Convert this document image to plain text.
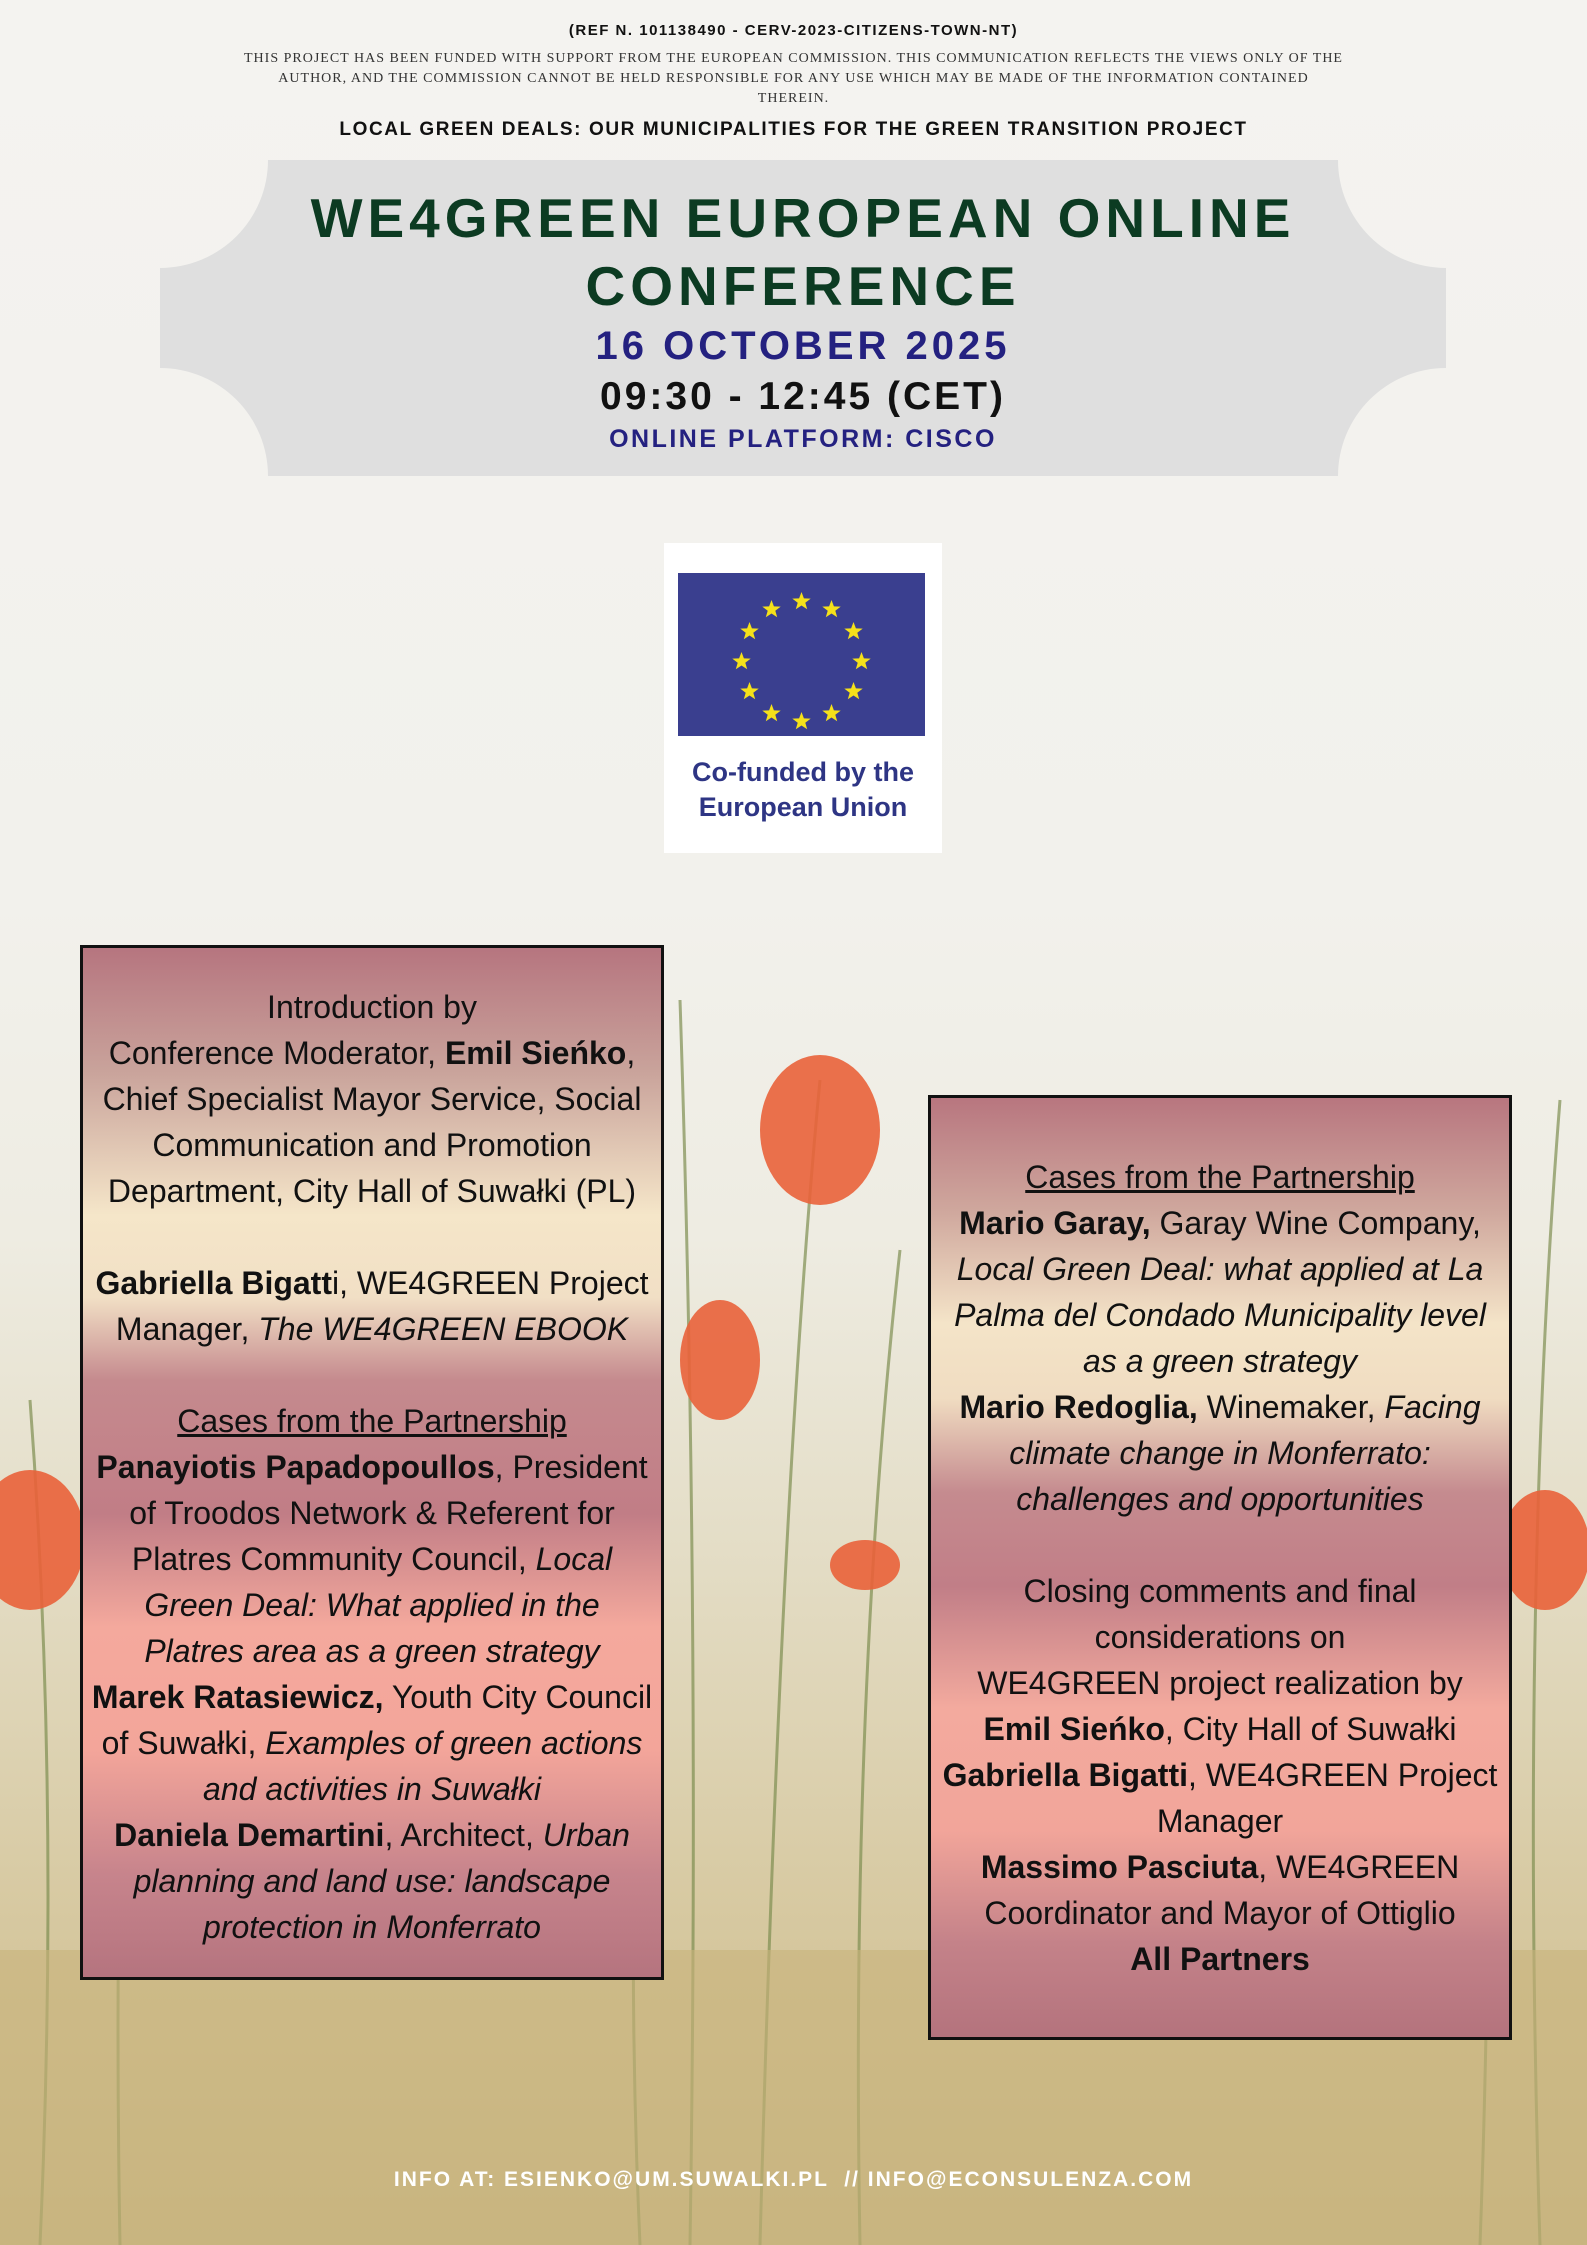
(REF N. 101138490 - CERV-2023-CITIZENS-TOWN-NT)

THIS PROJECT HAS BEEN FUNDED WITH SUPPORT FROM THE EUROPEAN COMMISSION. THIS COMMUNICATION REFLECTS THE VIEWS ONLY OF THE AUTHOR, AND THE COMMISSION CANNOT BE HELD RESPONSIBLE FOR ANY USE WHICH MAY BE MADE OF THE INFORMATION CONTAINED THEREIN.

LOCAL GREEN DEALS: OUR MUNICIPALITIES FOR THE GREEN TRANSITION PROJECT

WE4GREEN EUROPEAN ONLINE
CONFERENCE

16 OCTOBER 2025

09:30 - 12:45 (CET)

ONLINE PLATFORM: CISCO

Co-funded by the
European Union

Introduction by

Conference Moderator, Emil Sieńko, Chief Specialist Mayor Service, Social Communication and Promotion Department, City Hall of Suwałki (PL)

Gabriella Bigatti, WE4GREEN Project Manager, The WE4GREEN EBOOK

Cases from the Partnership

Panayiotis Papadopoullos, President of Troodos Network & Referent for Platres Community Council, Local Green Deal: What applied in the Platres area as a green strategy

Marek Ratasiewicz, Youth City Council of Suwałki, Examples of green actions and activities in Suwałki

Daniela Demartini, Architect, Urban planning and land use: landscape protection in Monferrato

Cases from the Partnership

Mario Garay, Garay Wine Company, Local Green Deal: what applied at La Palma del Condado Municipality level as a green strategy

Mario Redoglia, Winemaker, Facing climate change in Monferrato: challenges and opportunities

Closing comments and final considerations on

WE4GREEN project realization by

Emil Sieńko, City Hall of Suwałki

Gabriella Bigatti, WE4GREEN Project Manager

Massimo Pasciuta, WE4GREEN Coordinator and Mayor of Ottiglio

All Partners

INFO AT: ESIENKO@UM.SUWALKI.PL  // INFO@ECONSULENZA.COM
